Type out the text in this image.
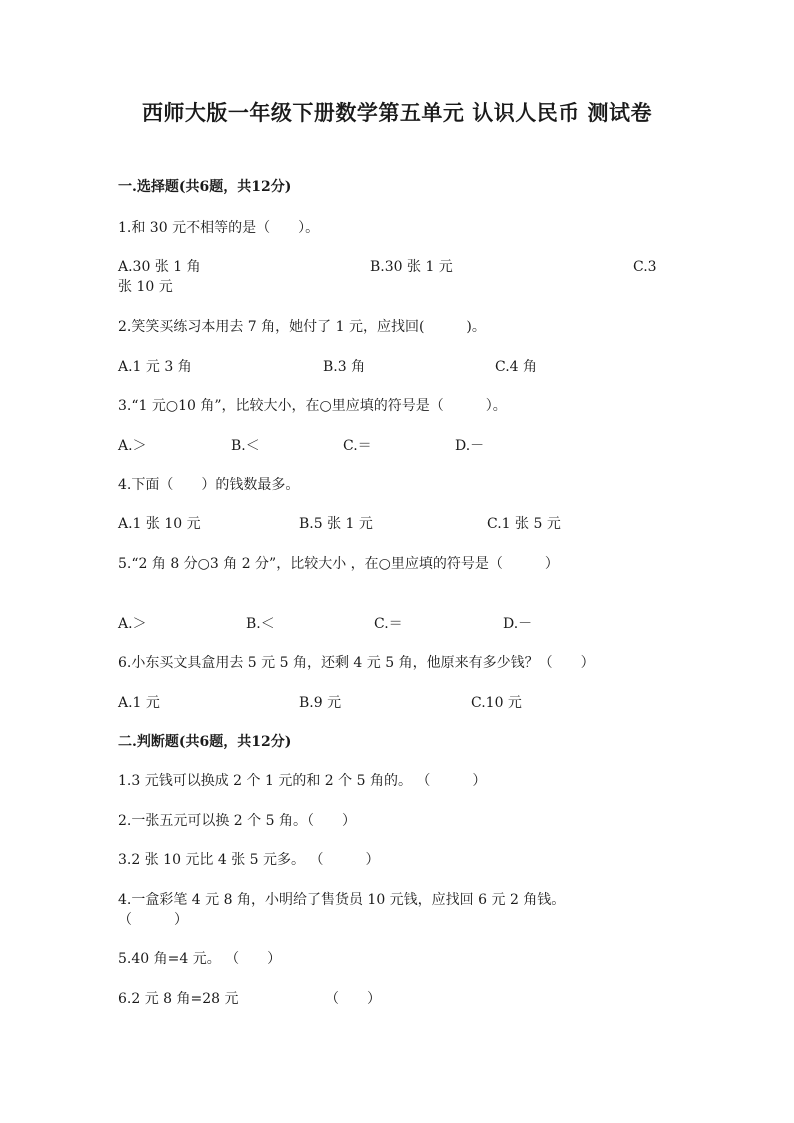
西师大版一年级下册数学第五单元 认识人民币 测试卷
一.选择题(共6题，共12分)
1.和 30 元不相等的是（　　）。
A.30 张 1 角	B.30 张 1 元	C.3
张 10 元
2.笑笑买练习本用去 7 角，她付了 1 元，应找回(　　　)。
A.1 元 3 角	B.3 角	C.4 角
3.“1 元○10 角”，比较大小，在○里应填的符号是（　　　）。
A.＞	B.＜	C.＝	D.－
4.下面（　　）的钱数最多。
A.1 张 10 元	B.5 张 1 元	C.1 张 5 元
5.“2 角 8 分○3 角 2 分”，比较大小 ，在○里应填的符号是（　　　）
A.＞	B.＜	C.＝	D.－
6.小东买文具盒用去 5 元 5 角，还剩 4 元 5 角，他原来有多少钱？（　　）
A.1 元	B.9 元	C.10 元
二.判断题(共6题，共12分)
1.3 元钱可以换成 2 个 1 元的和 2 个 5 角的。 （　　　）
2.一张五元可以换 2 个 5 角。（　　）
3.2 张 10 元比 4 张 5 元多。 （　　　）
4.一盒彩笔 4 元 8 角，小明给了售货员 10 元钱，应找回 6 元 2 角钱。
（　　　）
5.40 角=4 元。 （　　）
6.2 元 8 角=28 元	（　　）
